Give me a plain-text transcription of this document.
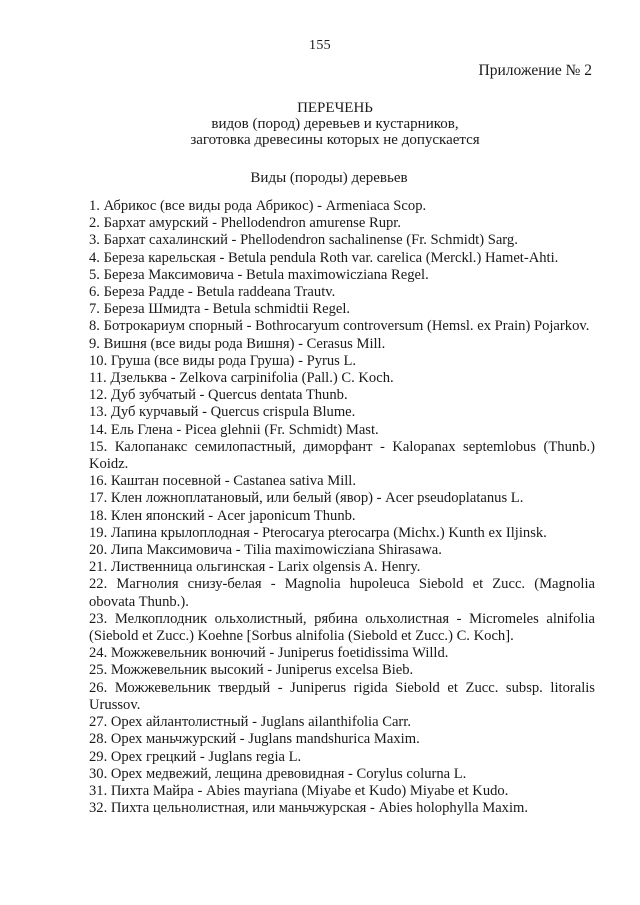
155
Приложение № 2
ПЕРЕЧЕНЬ
видов (пород) деревьев и кустарников,
заготовка древесины которых не допускается
Виды (породы) деревьев
1. Абрикос (все виды рода Абрикос) - Armeniaca Scop.
2. Бархат амурский - Phellodendron amurense Rupr.
3. Бархат сахалинский - Phellodendron sachalinense (Fr. Schmidt) Sarg.
4. Береза карельская - Betula pendula Roth var. carelica (Merckl.) Hamet-Ahti.
5. Береза Максимовича - Betula maximowicziana Regel.
6. Береза Радде - Betula raddeana Trautv.
7. Береза Шмидта - Betula schmidtii Regel.
8. Ботрокариум спорный - Bothrocaryum controversum (Hemsl. ex Prain) Pojarkov.
9. Вишня (все виды рода Вишня) - Cerasus Mill.
10. Груша (все виды рода Груша) - Pyrus L.
11. Дзельква - Zelkova carpinifolia (Pall.) C. Koch.
12. Дуб зубчатый - Quercus dentata Thunb.
13. Дуб курчавый - Quercus crispula Blume.
14. Ель Глена - Picea glehnii (Fr. Schmidt) Mast.
15. Калопанакс семилопастный, диморфант - Kalopanax septemlobus (Thunb.) Koidz.
16. Каштан посевной - Castanea sativa Mill.
17. Клен ложноплатановый, или белый (явор) - Acer pseudoplatanus L.
18. Клен японский - Acer japonicum Thunb.
19. Лапина крылоплодная - Pterocarya pterocarpa (Michx.) Kunth ex Iljinsk.
20. Липа Максимовича - Tilia maximowicziana Shirasawa.
21. Лиственница ольгинская - Larix olgensis A. Henry.
22. Магнолия снизу-белая - Magnolia hupoleuca Siebold et Zucc. (Magnolia obovata Thunb.).
23. Мелкоплодник ольхолистный, рябина ольхолистная - Micromeles alnifolia (Siebold et Zucc.) Koehne [Sorbus alnifolia (Siebold et Zucc.) C. Koch].
24. Можжевельник вонючий - Juniperus foetidissima Willd.
25. Можжевельник высокий - Juniperus excelsa Bieb.
26. Можжевельник твердый - Juniperus rigida Siebold et Zucc. subsp. litoralis Urussov.
27. Орех айлантолистный - Juglans ailanthifolia Carr.
28. Орех маньчжурский - Juglans mandshurica Maxim.
29. Орех грецкий - Juglans regia L.
30. Орех медвежий, лещина древовидная - Corylus colurna L.
31. Пихта Майра - Abies mayriana (Miyabe et Kudo) Miyabe et Kudo.
32. Пихта цельнолистная, или маньчжурская - Abies holophylla Maxim.
